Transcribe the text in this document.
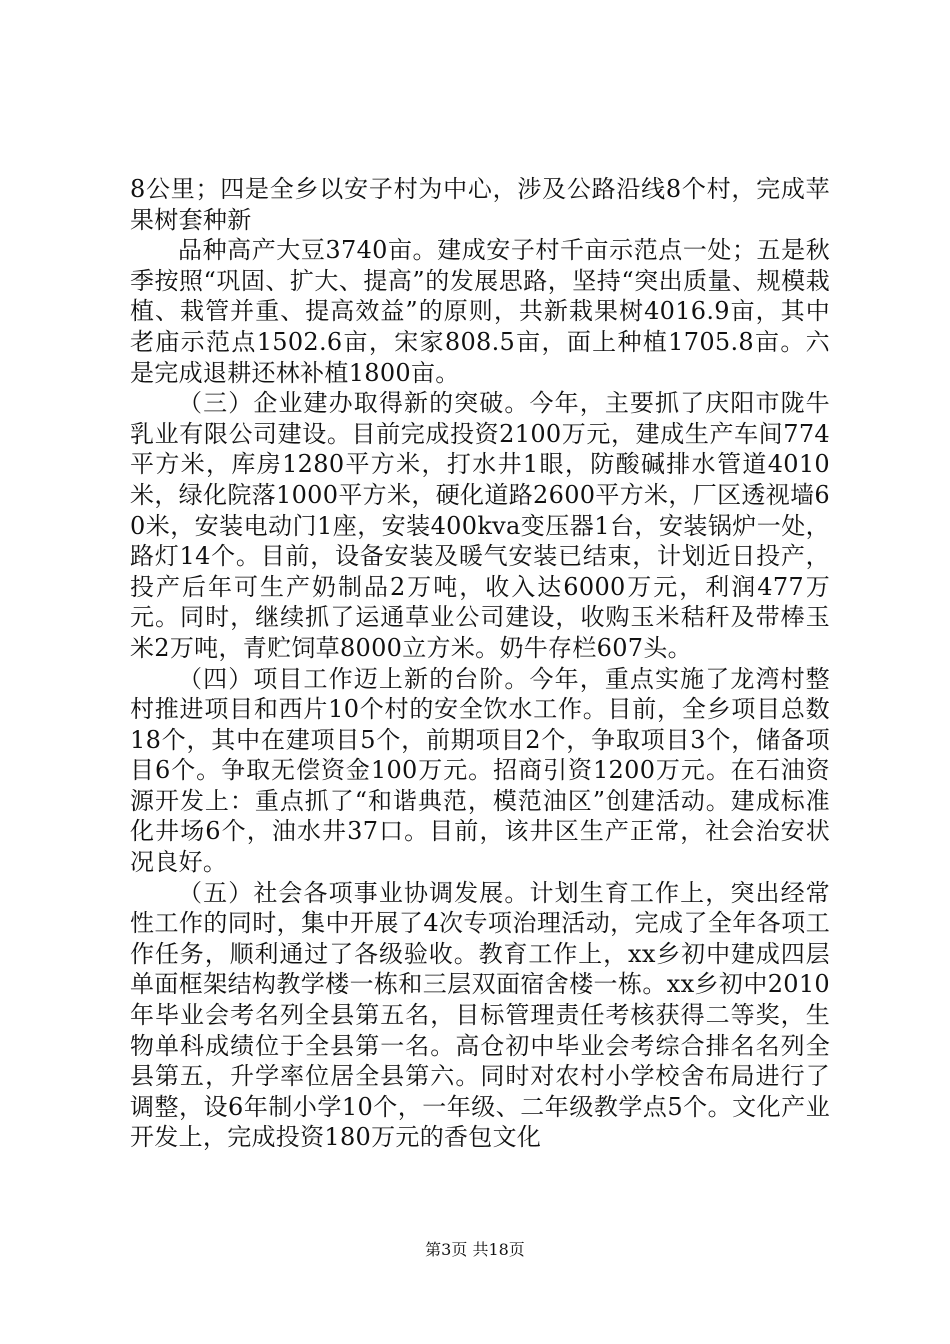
8公里；四是全乡以安子村为中心，涉及公路沿线8个村，完成苹果树套种新

品种高产大豆3740亩。建成安子村千亩示范点一处；五是秋季按照“巩固、扩大、提高”的发展思路，坚持“突出质量、规模栽植、栽管并重、提高效益”的原则，共新栽果树4016.9亩，其中老庙示范点1502.6亩，宋家808.5亩，面上种植1705.8亩。六是完成退耕还林补植1800亩。

（三）企业建办取得新的突破。今年，主要抓了庆阳市陇牛乳业有限公司建设。目前完成投资2100万元，建成生产车间774平方米，库房1280平方米，打水井1眼，防酸碱排水管道4010米，绿化院落1000平方米，硬化道路2600平方米，厂区透视墙60米，安装电动门1座，安装400kva变压器1台，安装锅炉一处，路灯14个。目前，设备安装及暖气安装已结束，计划近日投产，投产后年可生产奶制品2万吨，收入达6000万元，利润477万元。同时，继续抓了运通草业公司建设，收购玉米秸秆及带棒玉米2万吨，青贮饲草8000立方米。奶牛存栏607头。

（四）项目工作迈上新的台阶。今年，重点实施了龙湾村整村推进项目和西片10个村的安全饮水工作。目前，全乡项目总数18个，其中在建项目5个，前期项目2个，争取项目3个，储备项目6个。争取无偿资金100万元。招商引资1200万元。在石油资源开发上：重点抓了“和谐典范，模范油区”创建活动。建成标准化井场6个，油水井37口。目前，该井区生产正常，社会治安状况良好。

（五）社会各项事业协调发展。计划生育工作上，突出经常性工作的同时，集中开展了4次专项治理活动，完成了全年各项工作任务，顺利通过了各级验收。教育工作上，xx乡初中建成四层单面框架结构教学楼一栋和三层双面宿舍楼一栋。xx乡初中2010年毕业会考名列全县第五名，目标管理责任考核获得二等奖，生物单科成绩位于全县第一名。高仓初中毕业会考综合排名名列全县第五，升学率位居全县第六。同时对农村小学校舍布局进行了调整，设6年制小学10个，一年级、二年级教学点5个。文化产业开发上，完成投资180万元的香包文化

第3页 共18页
